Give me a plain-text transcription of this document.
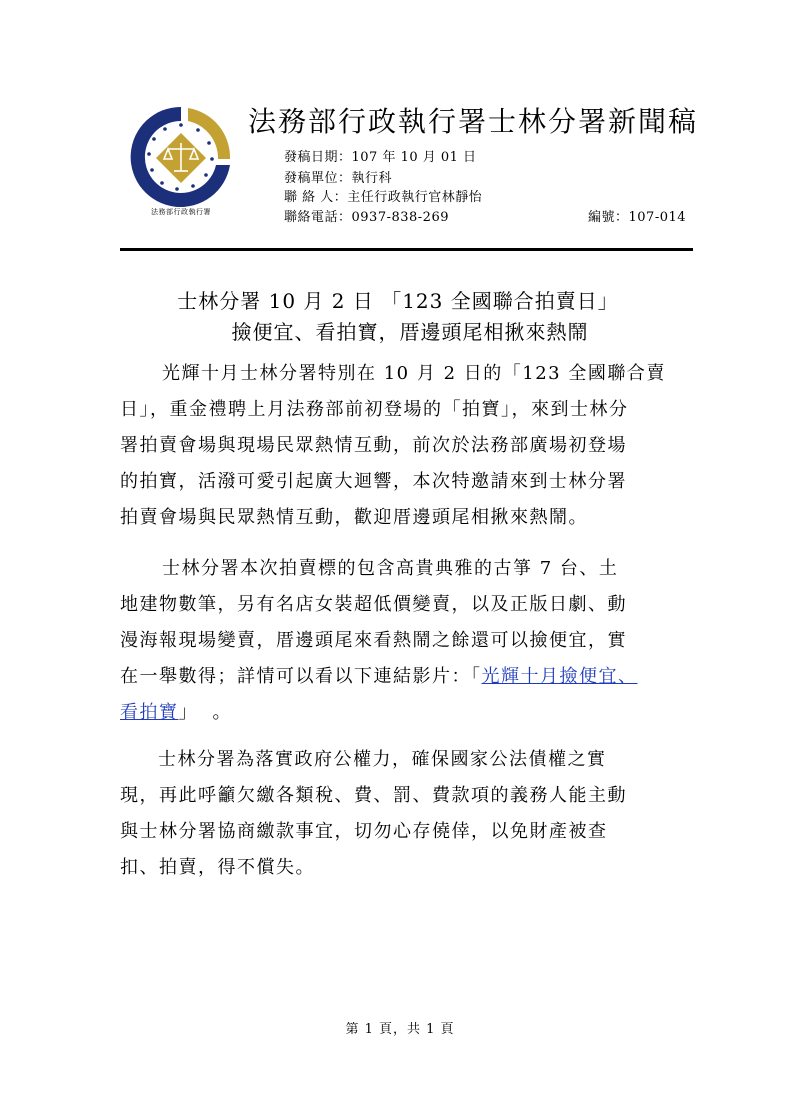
法務部行政執行署
法務部行政執行署士林分署新聞稿
發稿日期：107 年 10 月 01 日
發稿單位：執行科
聯 絡 人：主任行政執行官林靜怡
聯絡電話：0937-838-269	編號：107-014
士林分署 10 月 2 日 「123 全國聯合拍賣日」
撿便宜、看拍寶，厝邊頭尾相揪來熱鬧
光輝十月士林分署特別在 10 月 2 日的「123 全國聯合賣
日」，重金禮聘上月法務部前初登場的「拍寶」，來到士林分
署拍賣會場與現場民眾熱情互動，前次於法務部廣場初登場
的拍寶，活潑可愛引起廣大迴響，本次特邀請來到士林分署
拍賣會場與民眾熱情互動，歡迎厝邊頭尾相揪來熱鬧。
士林分署本次拍賣標的包含高貴典雅的古箏 7 台、土
地建物數筆，另有名店女裝超低價變賣，以及正版日劇、動
漫海報現場變賣，厝邊頭尾來看熱鬧之餘還可以撿便宜，實
在一舉數得；詳情可以看以下連結影片：「光輝十月撿便宜、
看拍寶」  。
士林分署為落實政府公權力，確保國家公法債權之實
現，再此呼籲欠繳各類稅、費、罰、費款項的義務人能主動
與士林分署協商繳款事宜，切勿心存僥倖，以免財產被查
扣、拍賣，得不償失。
第 1 頁，共 1 頁
